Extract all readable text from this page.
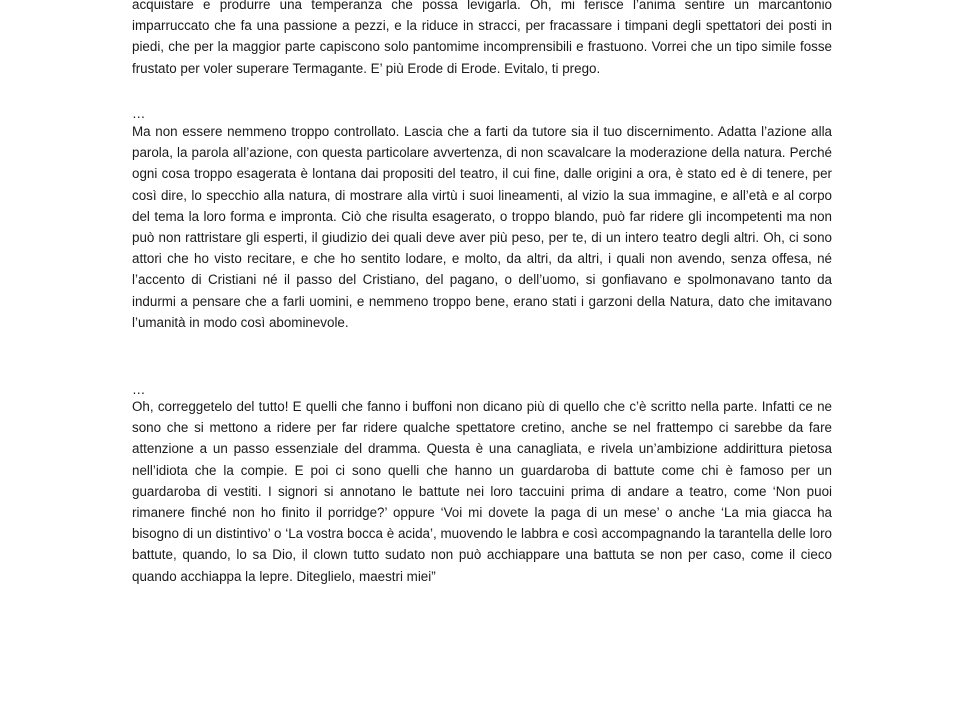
acquistare e produrre una temperanza che possa levigarla. Oh, mi ferisce l’anima sentire un marcantonio imparruccato che fa una passione a pezzi, e la riduce in stracci, per fracassare i timpani degli spettatori dei posti in piedi, che per la maggior parte capiscono solo pantomime incomprensibili e frastuono. Vorrei che un tipo simile fosse frustato per voler superare Termagante. E’ più Erode di Erode. Evitalo, ti prego.

…

Ma non essere nemmeno troppo controllato. Lascia che a farti da tutore sia il tuo discernimento. Adatta l’azione alla parola, la parola all’azione, con questa particolare avvertenza, di non scavalcare la moderazione della natura. Perché ogni cosa troppo esagerata è lontana dai propositi del teatro, il cui fine, dalle origini a ora, è stato ed è di tenere, per così dire, lo specchio alla natura, di mostrare alla virtù i suoi lineamenti, al vizio la sua immagine, e all’età e al corpo del tema la loro forma e impronta. Ciò che risulta esagerato, o troppo blando, può far ridere gli incompetenti ma non può non rattristare gli esperti, il giudizio dei quali deve aver più peso, per te, di un intero teatro degli altri. Oh, ci sono attori che ho visto recitare, e che ho sentito lodare, e molto, da altri, da altri, i quali non avendo, senza offesa, né l’accento di Cristiani né il passo del Cristiano, del pagano, o dell’uomo, si gonfiavano e spolmonavano tanto da indurmi a pensare che a farli uomini, e nemmeno troppo bene, erano stati i garzoni della Natura, dato che imitavano l’umanità in modo così abominevole.

…

Oh, correggetelo del tutto! E quelli che fanno i buffoni non dicano più di quello che c’è scritto nella parte. Infatti ce ne sono che si mettono a ridere per far ridere qualche spettatore cretino, anche se nel frattempo ci sarebbe da fare attenzione a un passo essenziale del dramma. Questa è una canagliata, e rivela un’ambizione addirittura pietosa nell’idiota che la compie. E poi ci sono quelli che hanno un guardaroba di battute come chi è famoso per un guardaroba di vestiti. I signori si annotano le battute nei loro taccuini prima di andare a teatro, come ‘Non puoi rimanere finché non ho finito il porridge?’ oppure ‘Voi mi dovete la paga di un mese’ o anche ‘La mia giacca ha bisogno di un distintivo’ o ‘La vostra bocca è acida’, muovendo le labbra e così accompagnando la tarantella delle loro battute, quando, lo sa Dio, il clown tutto sudato non può acchiappare una battuta se non per caso, come il cieco quando acchiappa la lepre. Diteglielo, maestri miei”
